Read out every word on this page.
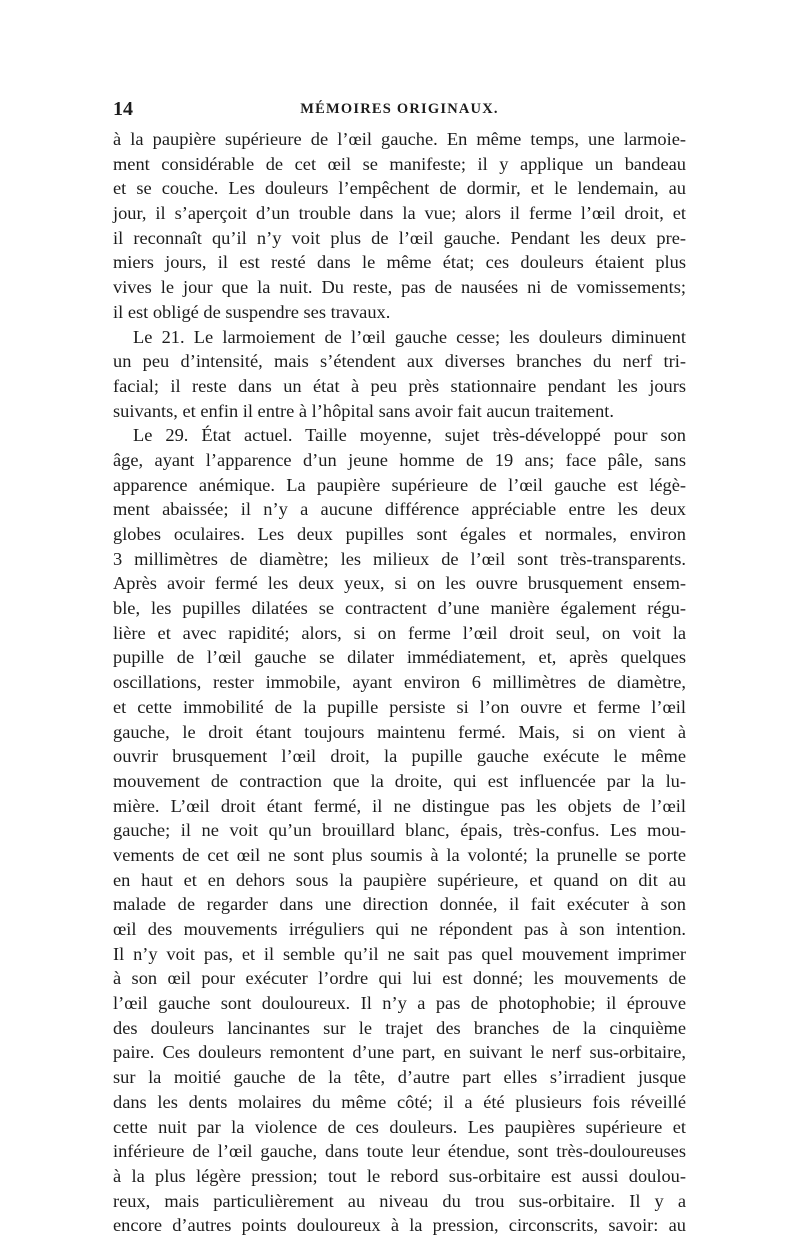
14	MÉMOIRES ORIGINAUX.
à la paupière supérieure de l’œil gauche. En même temps, une larmoie-
ment considérable de cet œil se manifeste; il y applique un bandeau
et se couche. Les douleurs l’empêchent de dormir, et le lendemain, au
jour, il s’aperçoit d’un trouble dans la vue; alors il ferme l’œil droit, et
il reconnaît qu’il n’y voit plus de l’œil gauche. Pendant les deux pre-
miers jours, il est resté dans le même état; ces douleurs étaient plus
vives le jour que la nuit. Du reste, pas de nausées ni de vomissements;
il est obligé de suspendre ses travaux.
Le 21. Le larmoiement de l’œil gauche cesse; les douleurs diminuent
un peu d’intensité, mais s’étendent aux diverses branches du nerf tri-
facial; il reste dans un état à peu près stationnaire pendant les jours
suivants, et enfin il entre à l’hôpital sans avoir fait aucun traitement.
Le 29. État actuel. Taille moyenne, sujet très-développé pour son
âge, ayant l’apparence d’un jeune homme de 19 ans; face pâle, sans
apparence anémique. La paupière supérieure de l’œil gauche est légè-
ment abaissée; il n’y a aucune différence appréciable entre les deux
globes oculaires. Les deux pupilles sont égales et normales, environ
3 millimètres de diamètre; les milieux de l’œil sont très-transparents.
Après avoir fermé les deux yeux, si on les ouvre brusquement ensem-
ble, les pupilles dilatées se contractent d’une manière également régu-
lière et avec rapidité; alors, si on ferme l’œil droit seul, on voit la
pupille de l’œil gauche se dilater immédiatement, et, après quelques
oscillations, rester immobile, ayant environ 6 millimètres de diamètre,
et cette immobilité de la pupille persiste si l’on ouvre et ferme l’œil
gauche, le droit étant toujours maintenu fermé. Mais, si on vient à
ouvrir brusquement l’œil droit, la pupille gauche exécute le même
mouvement de contraction que la droite, qui est influencée par la lu-
mière. L’œil droit étant fermé, il ne distingue pas les objets de l’œil
gauche; il ne voit qu’un brouillard blanc, épais, très-confus. Les mou-
vements de cet œil ne sont plus soumis à la volonté; la prunelle se porte
en haut et en dehors sous la paupière supérieure, et quand on dit au
malade de regarder dans une direction donnée, il fait exécuter à son
œil des mouvements irréguliers qui ne répondent pas à son intention.
Il n’y voit pas, et il semble qu’il ne sait pas quel mouvement imprimer
à son œil pour exécuter l’ordre qui lui est donné; les mouvements de
l’œil gauche sont douloureux. Il n’y a pas de photophobie; il éprouve
des douleurs lancinantes sur le trajet des branches de la cinquième
paire. Ces douleurs remontent d’une part, en suivant le nerf sus-orbitaire,
sur la moitié gauche de la tête, d’autre part elles s’irradient jusque
dans les dents molaires du même côté; il a été plusieurs fois réveillé
cette nuit par la violence de ces douleurs. Les paupières supérieure et
inférieure de l’œil gauche, dans toute leur étendue, sont très-douloureuses
à la plus légère pression; tout le rebord sus-orbitaire est aussi doulou-
reux, mais particulièrement au niveau du trou sus-orbitaire. Il y a
encore d’autres points douloureux à la pression, circonscrits, savoir: au
